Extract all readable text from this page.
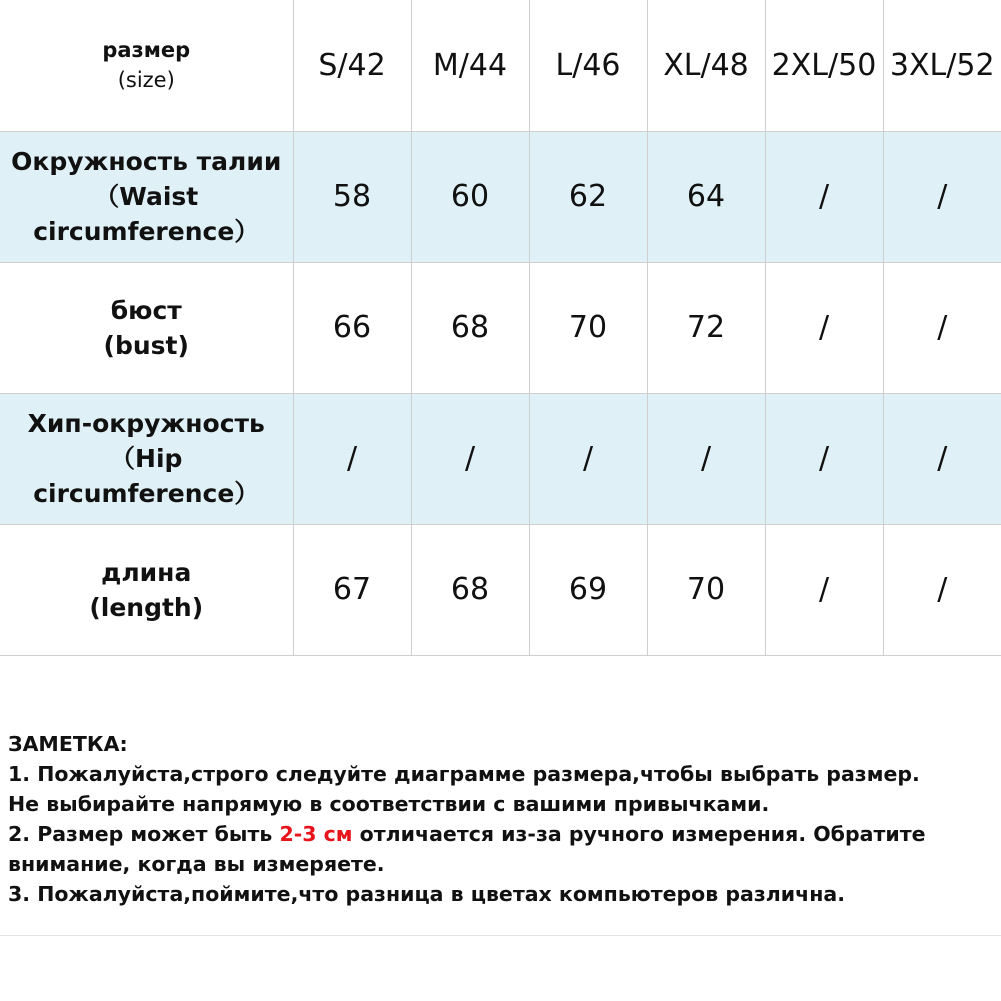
размер
(size)	S/42	M/44	L/46	XL/48	2XL/50	3XL/52

Окружность талии
（Waist
circumference）	58	60	62	64	/	/

бюст
(bust)	66	68	70	72	/	/

Хип-окружность
（Hip
circumference）	/	/	/	/	/	/

длина
(length)	67	68	69	70	/	/
ЗАМЕТКА:
1. Пожалуйста,строго следуйте диаграмме размера,чтобы выбрать размер.
Не выбирайте напрямую в соответствии с вашими привычками.
2. Размер может быть 2-3 см отличается из-за ручного измерения. Обратите
внимание, когда вы измеряете.
3. Пожалуйста,поймите,что разница в цветах компьютеров различна.
